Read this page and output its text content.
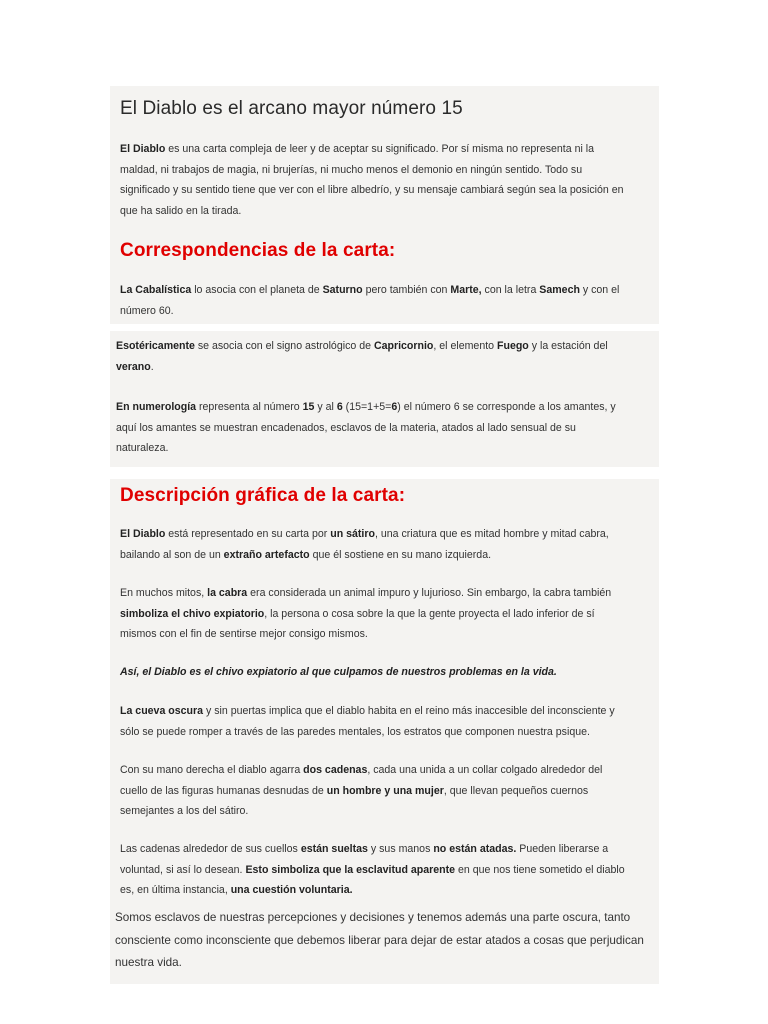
El Diablo es el arcano mayor número 15
El Diablo es una carta compleja de leer y de aceptar su significado. Por sí misma no representa ni la
maldad, ni trabajos de magia, ni brujerías, ni mucho menos el demonio en ningún sentido. Todo su
significado y su sentido tiene que ver con el libre albedrío, y su mensaje cambiará según sea la posición en
que ha salido en la tirada.
Correspondencias de la carta:
La Cabalística lo asocia con el planeta de Saturno pero también con Marte, con la letra Samech y con el
número 60.
Esotéricamente se asocia con el signo astrológico de Capricornio, el elemento Fuego y la estación del
verano.
En numerología representa al número 15 y al 6 (15=1+5=6) el número 6 se corresponde a los amantes, y
aquí los amantes se muestran encadenados, esclavos de la materia, atados al lado sensual de su
naturaleza.
Descripción gráfica de la carta:
El Diablo está representado en su carta por un sátiro, una criatura que es mitad hombre y mitad cabra,
bailando al son de un extraño artefacto que él sostiene en su mano izquierda.
En muchos mitos, la cabra era considerada un animal impuro y lujurioso. Sin embargo, la cabra también
simboliza el chivo expiatorio, la persona o cosa sobre la que la gente proyecta el lado inferior de sí
mismos con el fin de sentirse mejor consigo mismos.
Así, el Diablo es el chivo expiatorio al que culpamos de nuestros problemas en la vida.
La cueva oscura y sin puertas implica que el diablo habita en el reino más inaccesible del inconsciente y
sólo se puede romper a través de las paredes mentales, los estratos que componen nuestra psique.
Con su mano derecha el diablo agarra dos cadenas, cada una unida a un collar colgado alrededor del
cuello de las figuras humanas desnudas de un hombre y una mujer, que llevan pequeños cuernos
semejantes a los del sátiro.
Las cadenas alrededor de sus cuellos están sueltas y sus manos no están atadas. Pueden liberarse a
voluntad, si así lo desean. Esto simboliza que la esclavitud aparente en que nos tiene sometido el diablo
es, en última instancia, una cuestión voluntaria.
Somos esclavos de nuestras percepciones y decisiones y tenemos además una parte oscura, tanto
consciente como inconsciente que debemos liberar para dejar de estar atados a cosas que perjudican
nuestra vida.
